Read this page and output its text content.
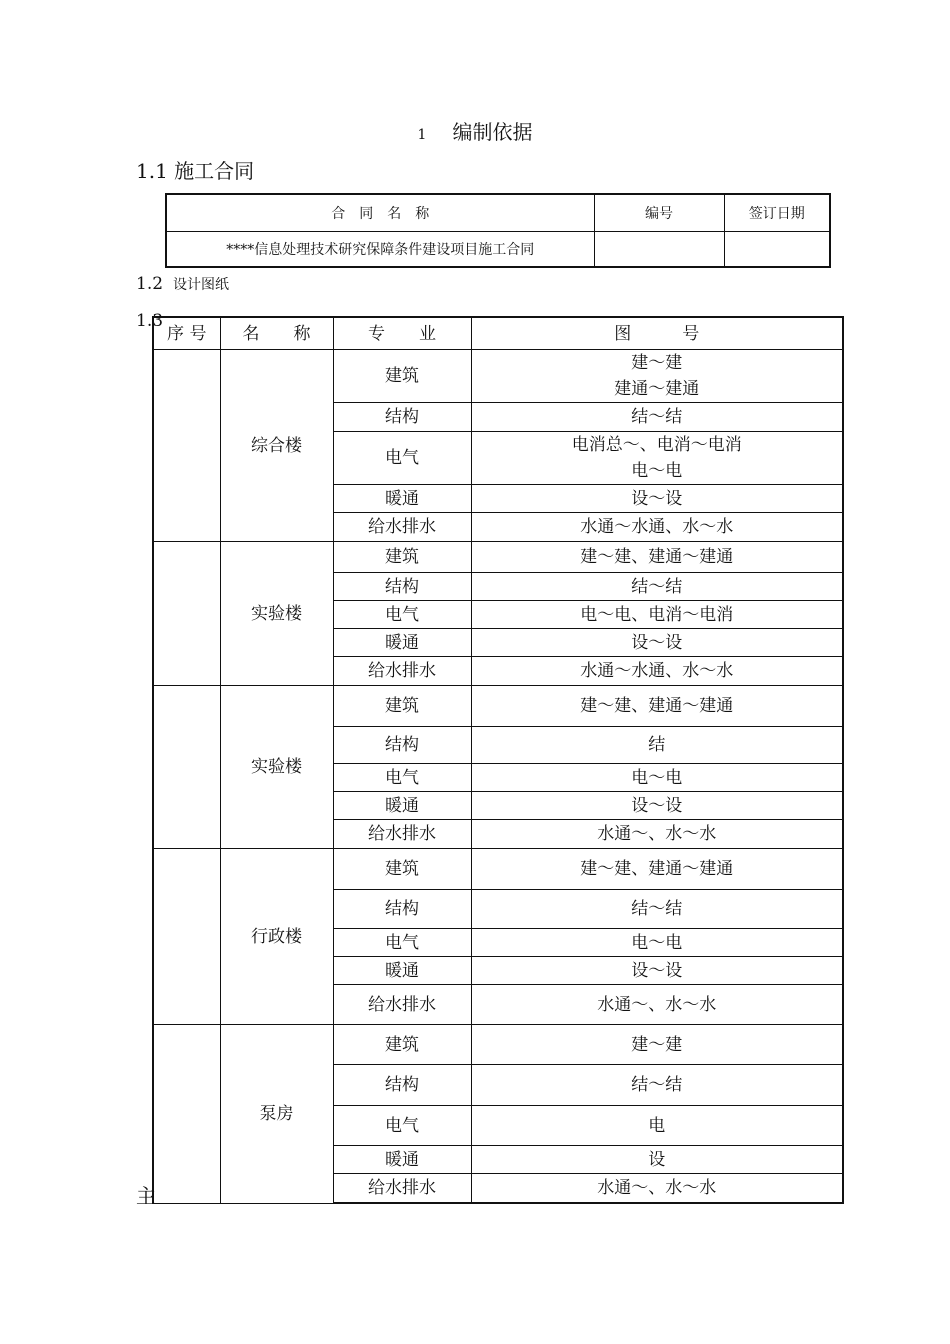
1 编制依据
1.1 施工合同
合　同　名　称	编号	签订日期
****信息处理技术研究保障条件建设项目施工合同		
1.2 设计图纸
1.3
序 号	名　　称	专　　业	图　　　号
	综合楼	建筑	建～建
建通～建通
		结构	结～结
		电气	电消总～、电消～电消
电～电
		暖通	设～设
		给水排水	水通～水通、水～水
	实验楼	建筑	建～建、建通～建通
		结构	结～结
		电气	电～电、电消～电消
		暖通	设～设
		给水排水	水通～水通、水～水
	实验楼	建筑	建～建、建通～建通
		结构	结
		电气	电～电
		暖通	设～设
		给水排水	水通～、水～水
	行政楼	建筑	建～建、建通～建通
		结构	结～结
		电气	电～电
		暖通	设～设
		给水排水	水通～、水～水
	泵房	建筑	建～建
		结构	结～结
		电气	电
		暖通	设
		给水排水	水通～、水～水
主
